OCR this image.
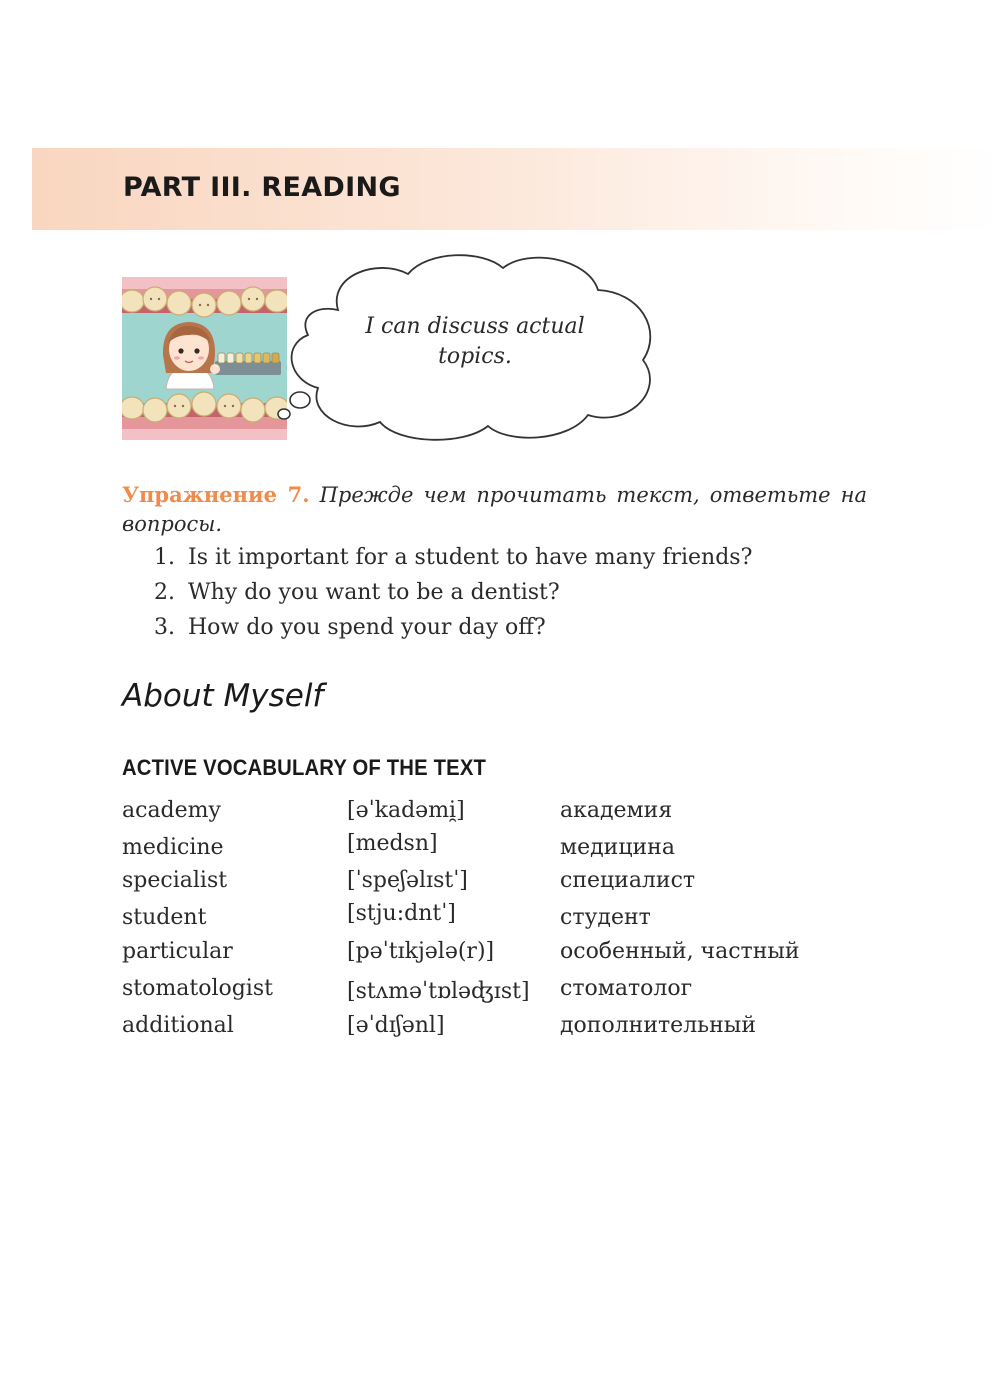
PART III. READING

I can discuss actual
topics.

Упражнение 7. Прежде чем прочитать текст, ответьте на вопросы.

1. Is it important for a student to have many friends?
2. Why do you want to be a dentist?
3. How do you spend your day off?
About Myself
ACTIVE VOCABULARY OF THE TEXT
academy	[əˈkadəmi̯]	академия
medicine	[medsn]	медицина
specialist	[ˈspeʃəlɪstˈ]	специалист
student	[stju:dntˈ]	студент
particular	[pəˈtɪkjələ(r)]	особенный, частный
stomatologist	[stʌməˈtɒləʤɪst] стоматолог
additional	[əˈdɪʃənl]	дополнительный
